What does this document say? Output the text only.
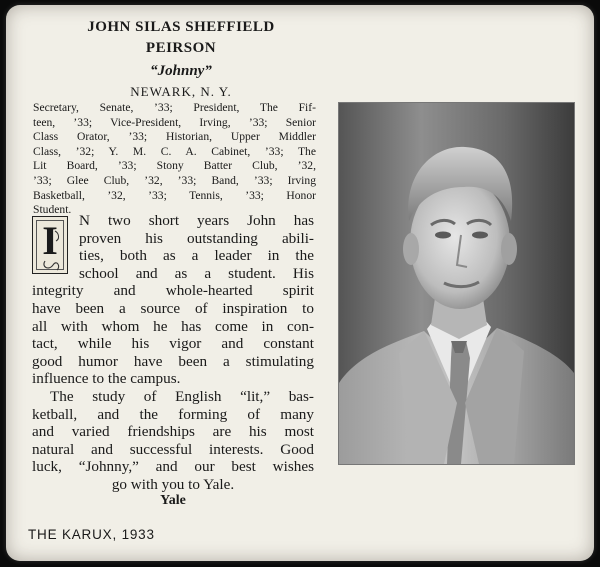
JOHN SILAS SHEFFIELD
PEIRSON
“Johnny”
NEWARK, N. Y.
Secretary, Senate, ’33; President, The Fif-
teen, ’33; Vice-President, Irving, ’33; Senior
Class Orator, ’33; Historian, Upper Middler
Class, ’32; Y. M. C. A. Cabinet, ’33; The
Lit Board, ’33; Stony Batter Club, ’32,
’33; Glee Club, ’32, ’33; Band, ’33; Irving
Basketball, ’32, ’33; Tennis, ’33; Honor
Student.
I	N two short years John has
proven his outstanding abili-
ties, both as a leader in the
school and as a student. His
integrity and whole-hearted spirit
have been a source of inspiration to
all with whom he has come in con-
tact, while his vigor and constant
good humor have been a stimulating
influence to the campus.
The study of English “lit,” bas-
ketball, and the forming of many
and varied friendships are his most
natural and successful interests. Good
luck, “Johnny,” and our best wishes
go with you to Yale.
Yale
THE KARUX, 1933
